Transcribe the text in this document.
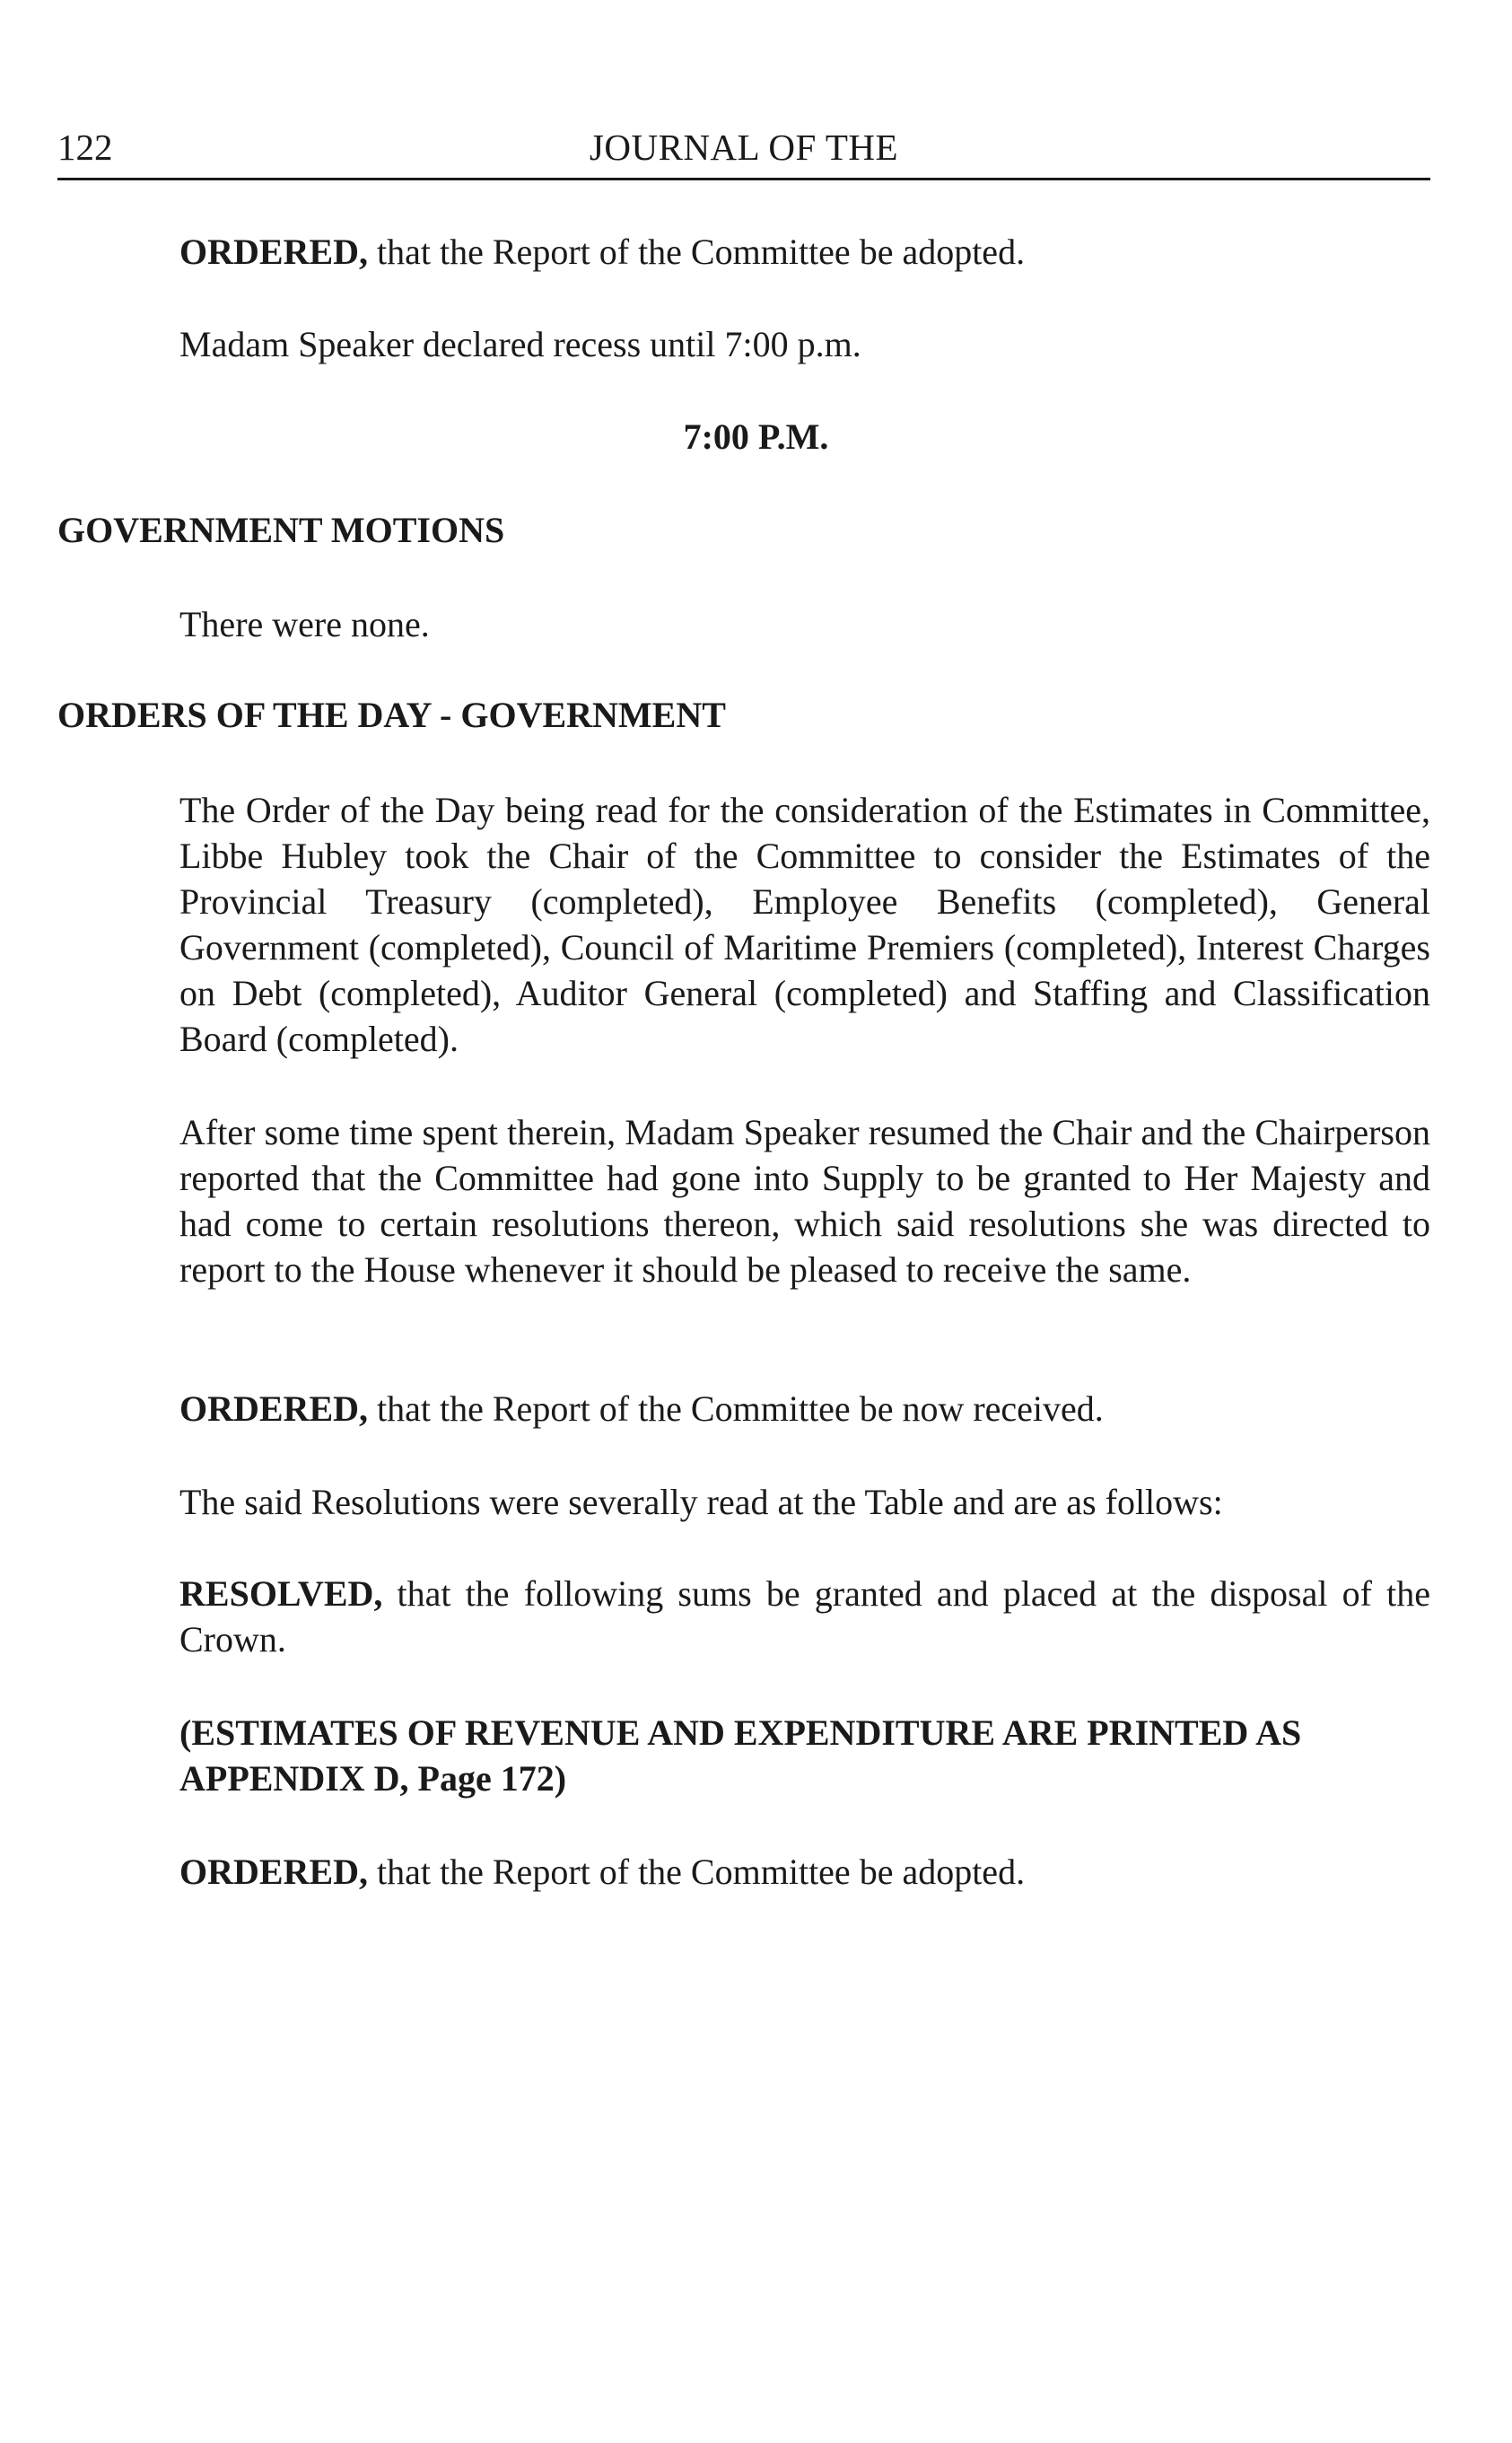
122	JOURNAL OF THE

ORDERED, that the Report of the Committee be adopted.

Madam Speaker declared recess until 7:00 p.m.

7:00 P.M.

GOVERNMENT MOTIONS

There were none.

ORDERS OF THE DAY - GOVERNMENT

The Order of the Day being read for the consideration of the Estimates in Committee, Libbe Hubley took the Chair of the Committee to consider the Estimates of the Provincial Treasury (completed), Employee Benefits (completed), General Government (completed), Council of Maritime Premiers (completed), Interest Charges on Debt (completed), Auditor General (completed) and Staffing and Classification Board (completed).

After some time spent therein, Madam Speaker resumed the Chair and the Chairperson reported that the Committee had gone into Supply to be granted to Her Majesty and had come to certain resolutions thereon, which said resolutions she was directed to report to the House whenever it should be pleased to receive the same.

ORDERED, that the Report of the Committee be now received.

The said Resolutions were severally read at the Table and are as follows:

RESOLVED, that the following sums be granted and placed at the disposal of the Crown.

(ESTIMATES OF REVENUE AND EXPENDITURE ARE PRINTED AS APPENDIX D, Page 172)

ORDERED, that the Report of the Committee be adopted.
